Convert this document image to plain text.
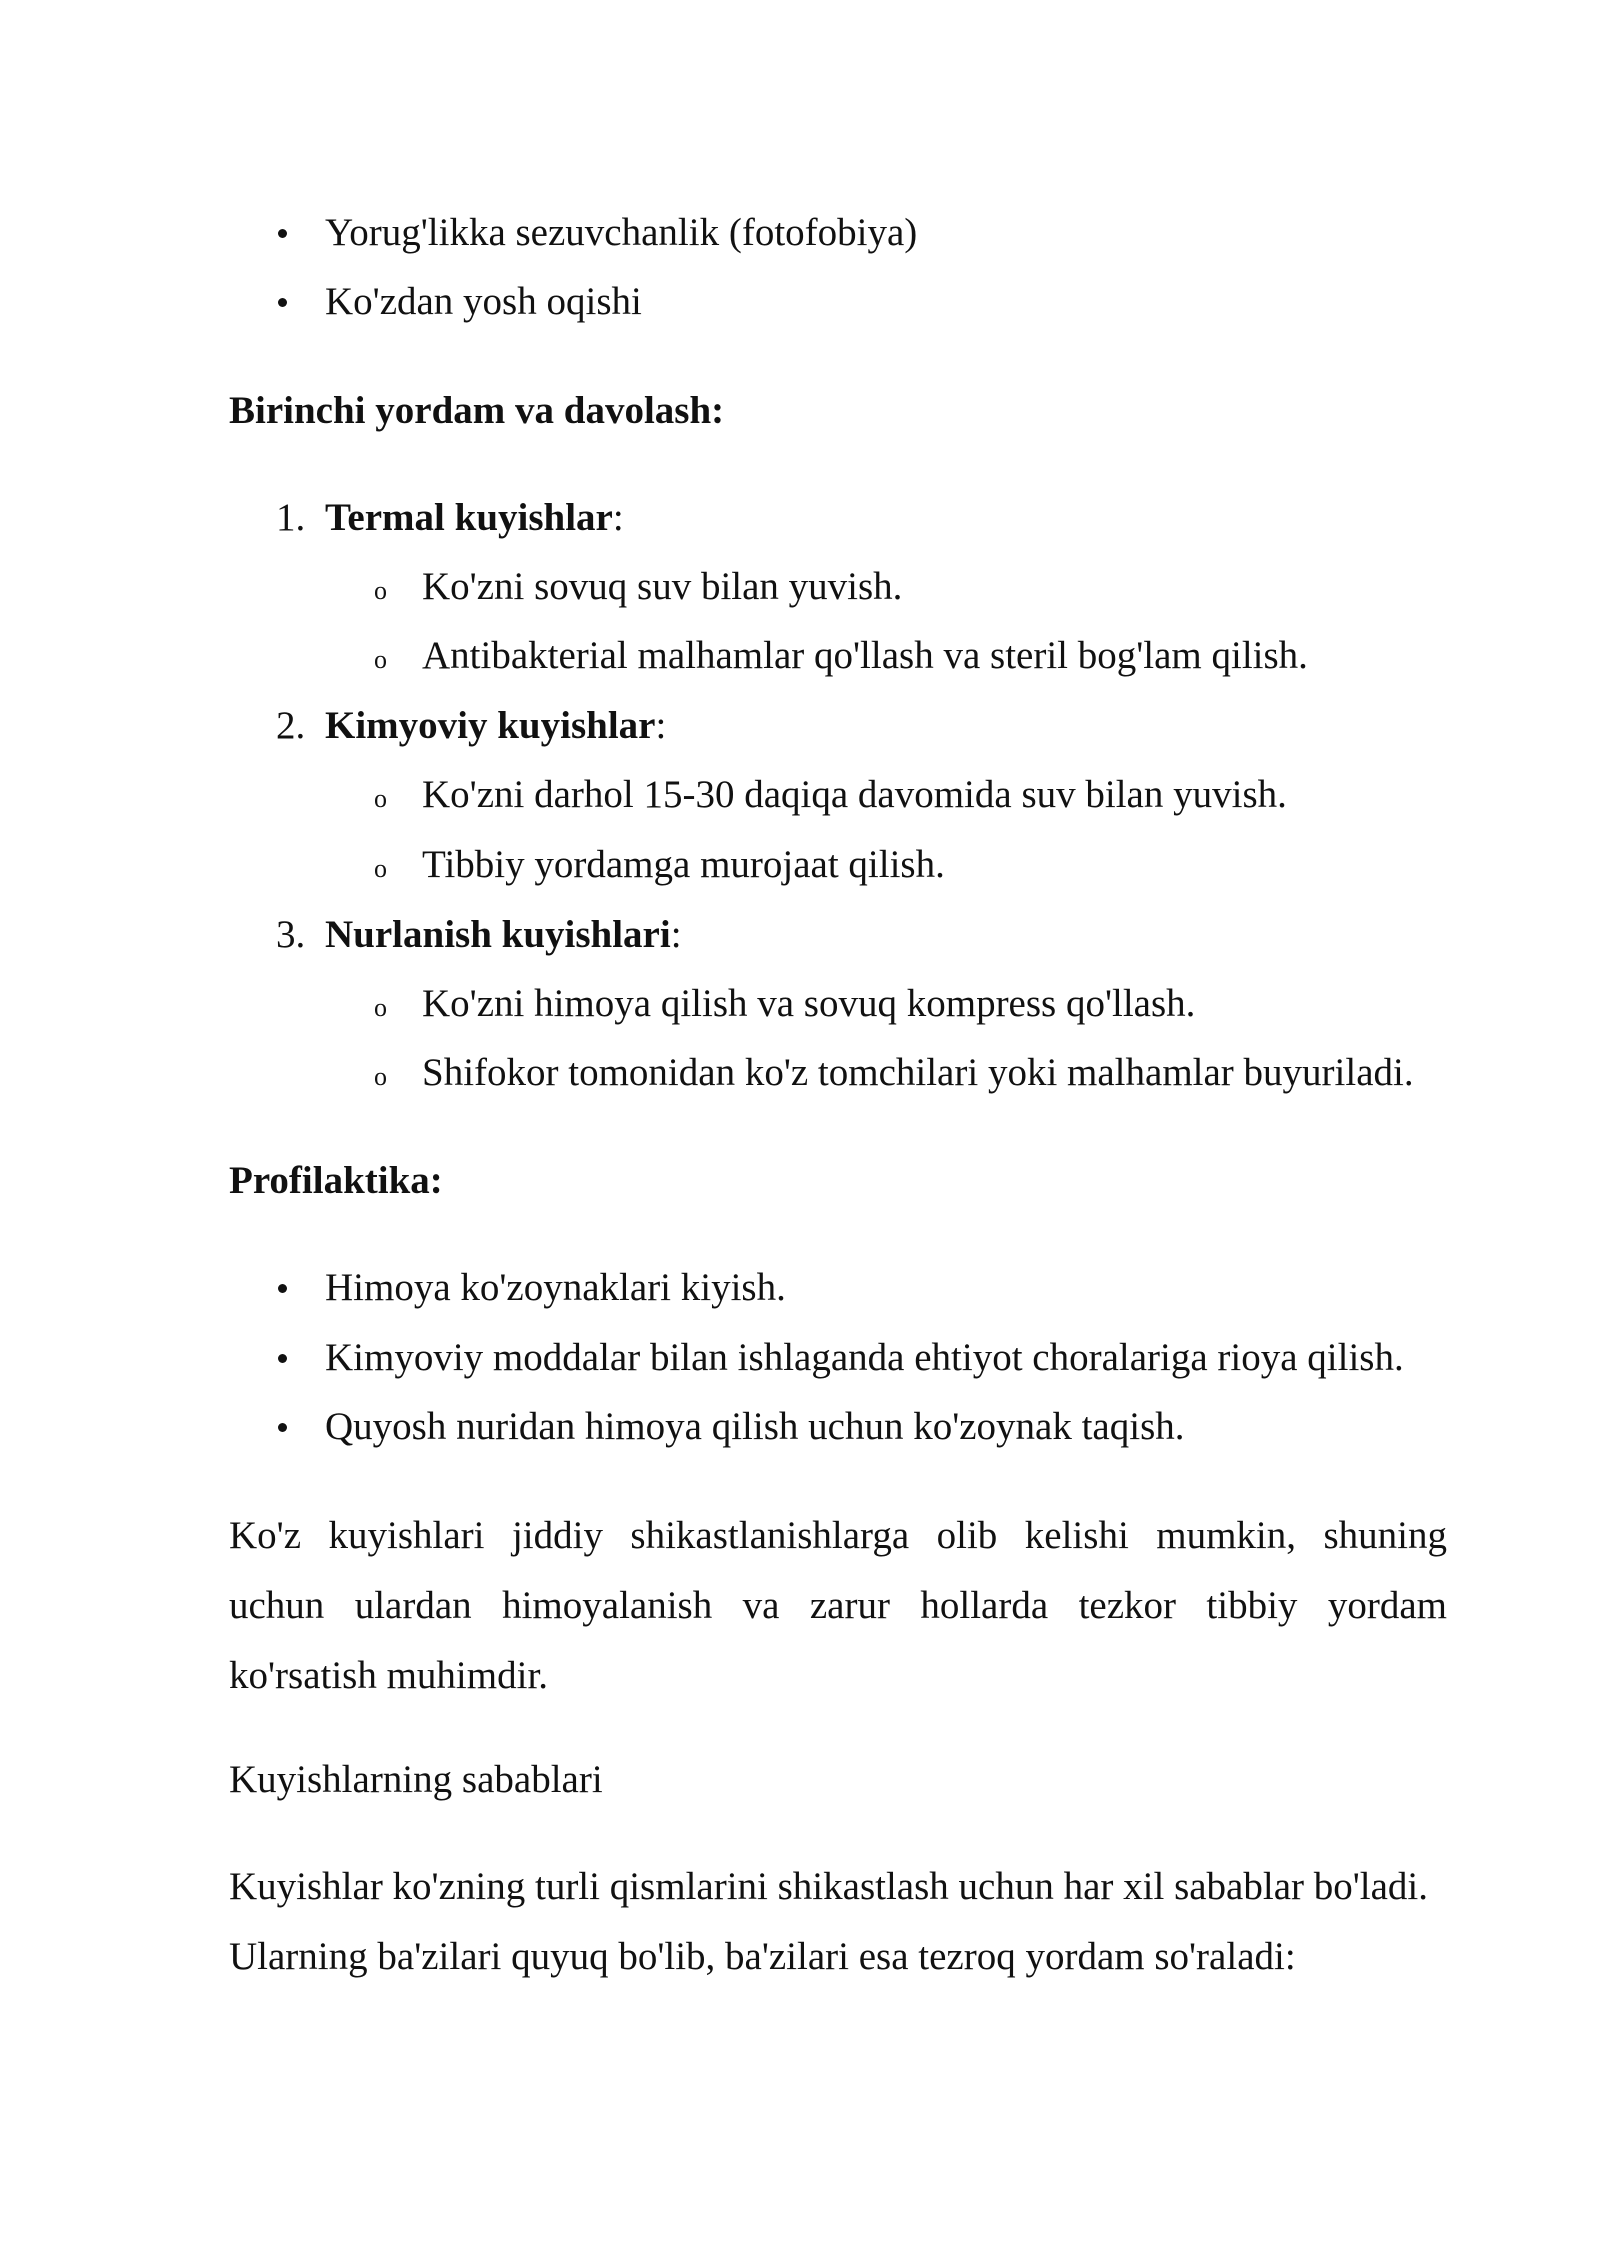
Yorug'likka sezuvchanlik (fotofobiya)
Ko'zdan yosh oqishi
Birinchi yordam va davolash:
1. Termal kuyishlar:
o Ko'zni sovuq suv bilan yuvish.
o Antibakterial malhamlar qo'llash va steril bog'lam qilish.
2. Kimyoviy kuyishlar:
o Ko'zni darhol 15-30 daqiqa davomida suv bilan yuvish.
o Tibbiy yordamga murojaat qilish.
3. Nurlanish kuyishlari:
o Ko'zni himoya qilish va sovuq kompress qo'llash.
o Shifokor tomonidan ko'z tomchilari yoki malhamlar buyuriladi.
Profilaktika:
Himoya ko'zoynaklari kiyish.
Kimyoviy moddalar bilan ishlaganda ehtiyot choralariga rioya qilish.
Quyosh nuridan himoya qilish uchun ko'zoynak taqish.
Ko'z kuyishlari jiddiy shikastlanishlarga olib kelishi mumkin, shuning
uchun ulardan himoyalanish va zarur hollarda tezkor tibbiy yordam
ko'rsatish muhimdir.
Kuyishlarning sabablari
Kuyishlar ko'zning turli qismlarini shikastlash uchun har xil sabablar bo'ladi.
Ularning ba'zilari quyuq bo'lib, ba'zilari esa tezroq yordam so'raladi:
